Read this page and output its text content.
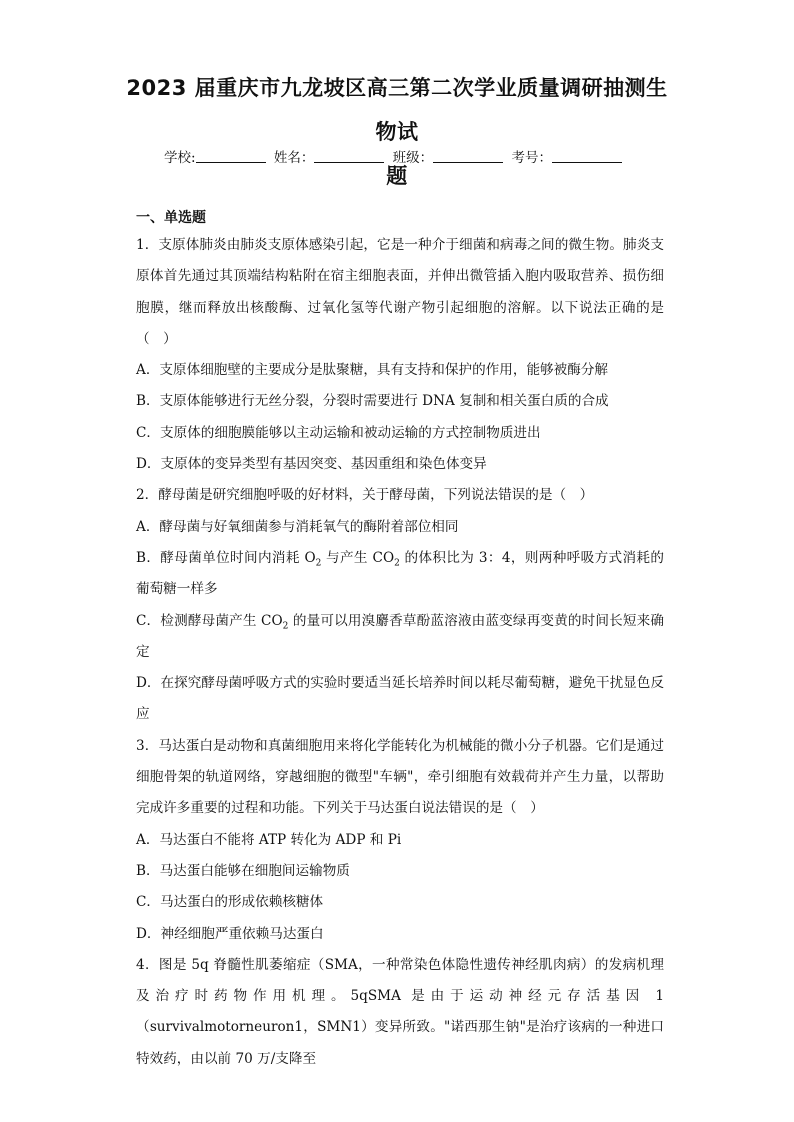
2023 届重庆市九龙坡区高三第二次学业质量调研抽测生物试
题
学校:	姓名：	班级：	考号：
一、单选题

1．支原体肺炎由肺炎支原体感染引起，它是一种介于细菌和病毒之间的微生物。肺炎支原体首先通过其顶端结构粘附在宿主细胞表面，并伸出微管插入胞内吸取营养、损伤细胞膜，继而释放出核酸酶、过氧化氢等代谢产物引起细胞的溶解。以下说法正确的是（　）

A．支原体细胞壁的主要成分是肽聚糖，具有支持和保护的作用，能够被酶分解

B．支原体能够进行无丝分裂，分裂时需要进行 DNA 复制和相关蛋白质的合成

C．支原体的细胞膜能够以主动运输和被动运输的方式控制物质进出

D．支原体的变异类型有基因突变、基因重组和染色体变异

2．酵母菌是研究细胞呼吸的好材料，关于酵母菌，下列说法错误的是（　）

A．酵母菌与好氧细菌参与消耗氧气的酶附着部位相同

B．酵母菌单位时间内消耗 $O_2$ 与产生 $CO_2$ 的体积比为 3：4，则两种呼吸方式消耗的葡萄糖一样多

C．检测酵母菌产生 $CO_2$ 的量可以用溴麝香草酚蓝溶液由蓝变绿再变黄的时间长短来确定

D．在探究酵母菌呼吸方式的实验时要适当延长培养时间以耗尽葡萄糖，避免干扰显色反应

3．马达蛋白是动物和真菌细胞用来将化学能转化为机械能的微小分子机器。它们是通过细胞骨架的轨道网络，穿越细胞的微型"车辆"，牵引细胞有效载荷并产生力量，以帮助完成许多重要的过程和功能。下列关于马达蛋白说法错误的是（　）

A．马达蛋白不能将 ATP 转化为 ADP 和 Pi

B．马达蛋白能够在细胞间运输物质

C．马达蛋白的形成依赖核糖体

D．神经细胞严重依赖马达蛋白

4．图是 5q 脊髓性肌萎缩症（SMA，一种常染色体隐性遗传神经肌肉病）的发病机理及治疗时药物作用机理。5qSMA 是由于运动神经元存活基因 1（survivalmotorneuron1，SMN1）变异所致。"诺西那生钠"是治疗该病的一种进口特效药，由以前 70 万/支降至
